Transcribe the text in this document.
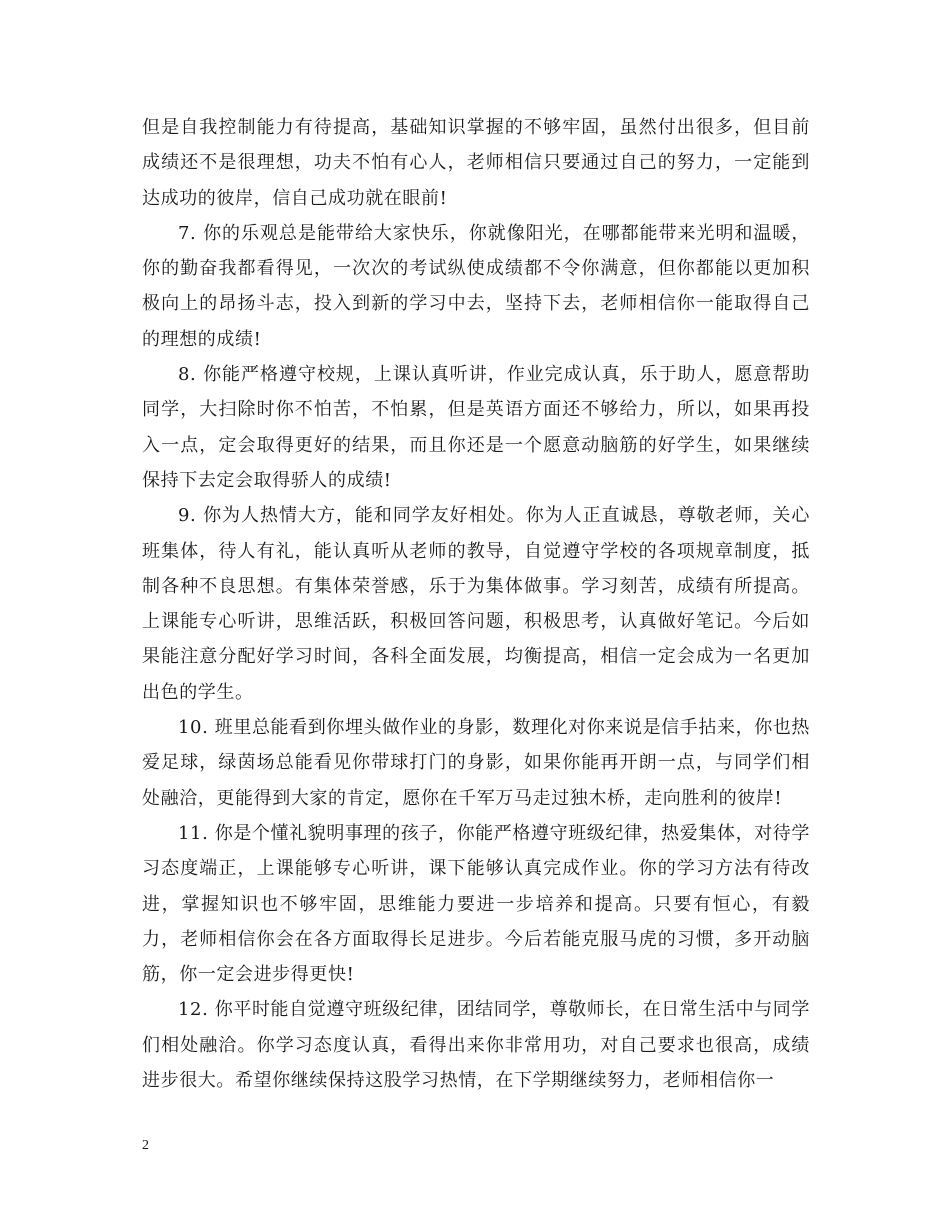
但是自我控制能力有待提高，基础知识掌握的不够牢固，虽然付出很多，但目前成绩还不是很理想，功夫不怕有心人，老师相信只要通过自己的努力，一定能到达成功的彼岸，信自己成功就在眼前!

7. 你的乐观总是能带给大家快乐，你就像阳光，在哪都能带来光明和温暖，你的勤奋我都看得见，一次次的考试纵使成绩都不令你满意，但你都能以更加积极向上的昂扬斗志，投入到新的学习中去，坚持下去，老师相信你一能取得自己的理想的成绩!

8. 你能严格遵守校规，上课认真听讲，作业完成认真，乐于助人，愿意帮助同学，大扫除时你不怕苦，不怕累，但是英语方面还不够给力，所以，如果再投入一点，定会取得更好的结果，而且你还是一个愿意动脑筋的好学生，如果继续保持下去定会取得骄人的成绩!

9. 你为人热情大方，能和同学友好相处。你为人正直诚恳，尊敬老师，关心班集体，待人有礼，能认真听从老师的教导，自觉遵守学校的各项规章制度，抵制各种不良思想。有集体荣誉感，乐于为集体做事。学习刻苦，成绩有所提高。上课能专心听讲，思维活跃，积极回答问题，积极思考，认真做好笔记。今后如果能注意分配好学习时间，各科全面发展，均衡提高，相信一定会成为一名更加出色的学生。

10. 班里总能看到你埋头做作业的身影，数理化对你来说是信手拈来，你也热爱足球，绿茵场总能看见你带球打门的身影，如果你能再开朗一点，与同学们相处融洽，更能得到大家的肯定，愿你在千军万马走过独木桥，走向胜利的彼岸!

11. 你是个懂礼貌明事理的孩子，你能严格遵守班级纪律，热爱集体，对待学习态度端正，上课能够专心听讲，课下能够认真完成作业。你的学习方法有待改进，掌握知识也不够牢固，思维能力要进一步培养和提高。只要有恒心，有毅力，老师相信你会在各方面取得长足进步。今后若能克服马虎的习惯，多开动脑筋，你一定会进步得更快!

12. 你平时能自觉遵守班级纪律，团结同学，尊敬师长，在日常生活中与同学们相处融洽。你学习态度认真，看得出来你非常用功，对自己要求也很高，成绩进步很大。希望你继续保持这股学习热情，在下学期继续努力，老师相信你一

2
